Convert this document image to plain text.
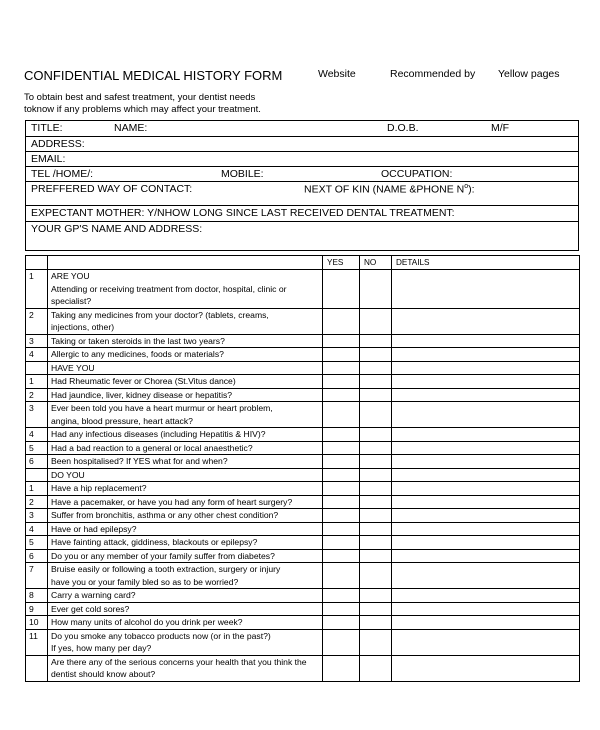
CONFIDENTIAL MEDICAL HISTORY FORM	Website	Recommended by Yellow pages
To obtain best and safest treatment, your dentist needs
toknow if any problems which may affect your treatment.
TITLE:	NAME:	D.O.B.	M/F

ADDRESS:

EMAIL:

TEL /HOME/:	MOBILE:	OCCUPATION:

PREFFERED WAY OF CONTACT:	NEXT OF KIN (NAME &PHONE $N^o$):

EXPECTANT MOTHER: Y/NHOW LONG SINCE LAST RECEIVED DENTAL TREATMENT:

YOUR GP'S NAME AND ADDRESS:
		YES	NO	DETAILS
1	ARE YOU
Attending or receiving treatment from doctor, hospital, clinic or
specialist?			
2	Taking any medicines from your doctor? (tablets, creams,
injections, other)			
3	Taking or taken steroids in the last two years?			
4	Allergic to any medicines, foods or materials?			
	HAVE YOU			
1	Had Rheumatic fever or Chorea (St.Vitus dance)			
2	Had jaundice, liver, kidney disease or hepatitis?			
3	Ever been told you have a heart murmur or heart problem,
angina, blood pressure, heart attack?			
4	Had any infectious diseases (including Hepatitis & HIV)?			
5	Had a bad reaction to a general or local anaesthetic?			
6	Been hospitalised? If YES what for and when?			
	DO YOU			
1	Have a hip replacement?			
2	Have a pacemaker, or have you had any form of heart surgery?			
3	Suffer from bronchitis, asthma or any other chest condition?			
4	Have or had epilepsy?			
5	Have fainting attack, giddiness, blackouts or epilepsy?			
6	Do you or any member of your family suffer from diabetes?			
7	Bruise easily or following a tooth extraction, surgery or injury
have you or your family bled so as to be worried?			
8	Carry a warning card?			
9	Ever get cold sores?			
10	How many units of alcohol do you drink per week?			
11	Do you smoke any tobacco products now (or in the past?)
If yes, how many per day?			
	Are there any of the serious concerns your health that you think the
dentist should know about?			
